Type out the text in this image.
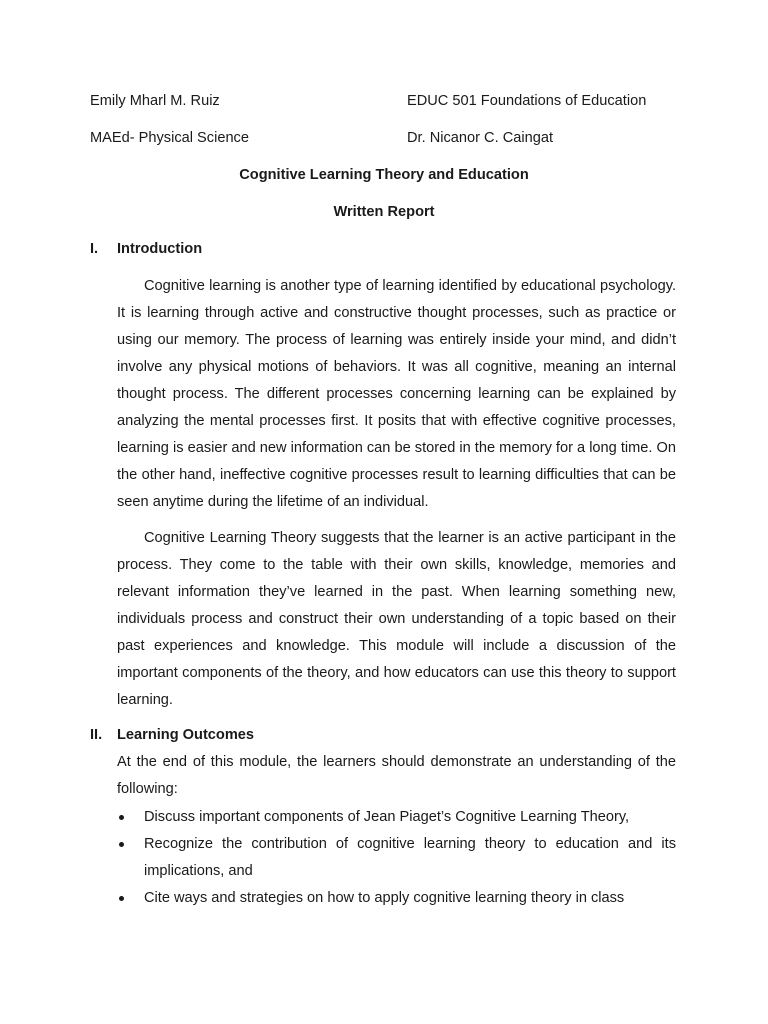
Emily Mharl M. Ruiz	EDUC 501 Foundations of Education
MAEd- Physical Science	Dr. Nicanor C. Caingat
Cognitive Learning Theory and Education
Written Report
I. Introduction

Cognitive learning is another type of learning identified by educational psychology. It is learning through active and constructive thought processes, such as practice or using our memory. The process of learning was entirely inside your mind, and didn’t involve any physical motions of behaviors. It was all cognitive, meaning an internal thought process. The different processes concerning learning can be explained by analyzing the mental processes first. It posits that with effective cognitive processes, learning is easier and new information can be stored in the memory for a long time. On the other hand, ineffective cognitive processes result to learning difficulties that can be seen anytime during the lifetime of an individual.

Cognitive Learning Theory suggests that the learner is an active participant in the process. They come to the table with their own skills, knowledge, memories and relevant information they’ve learned in the past. When learning something new, individuals process and construct their own understanding of a topic based on their past experiences and knowledge. This module will include a discussion of the important components of the theory, and how educators can use this theory to support learning.

II. Learning Outcomes

At the end of this module, the learners should demonstrate an understanding of the following:

Discuss important components of Jean Piaget’s Cognitive Learning Theory,
Recognize the contribution of cognitive learning theory to education and its implications, and
Cite ways and strategies on how to apply cognitive learning theory in class
